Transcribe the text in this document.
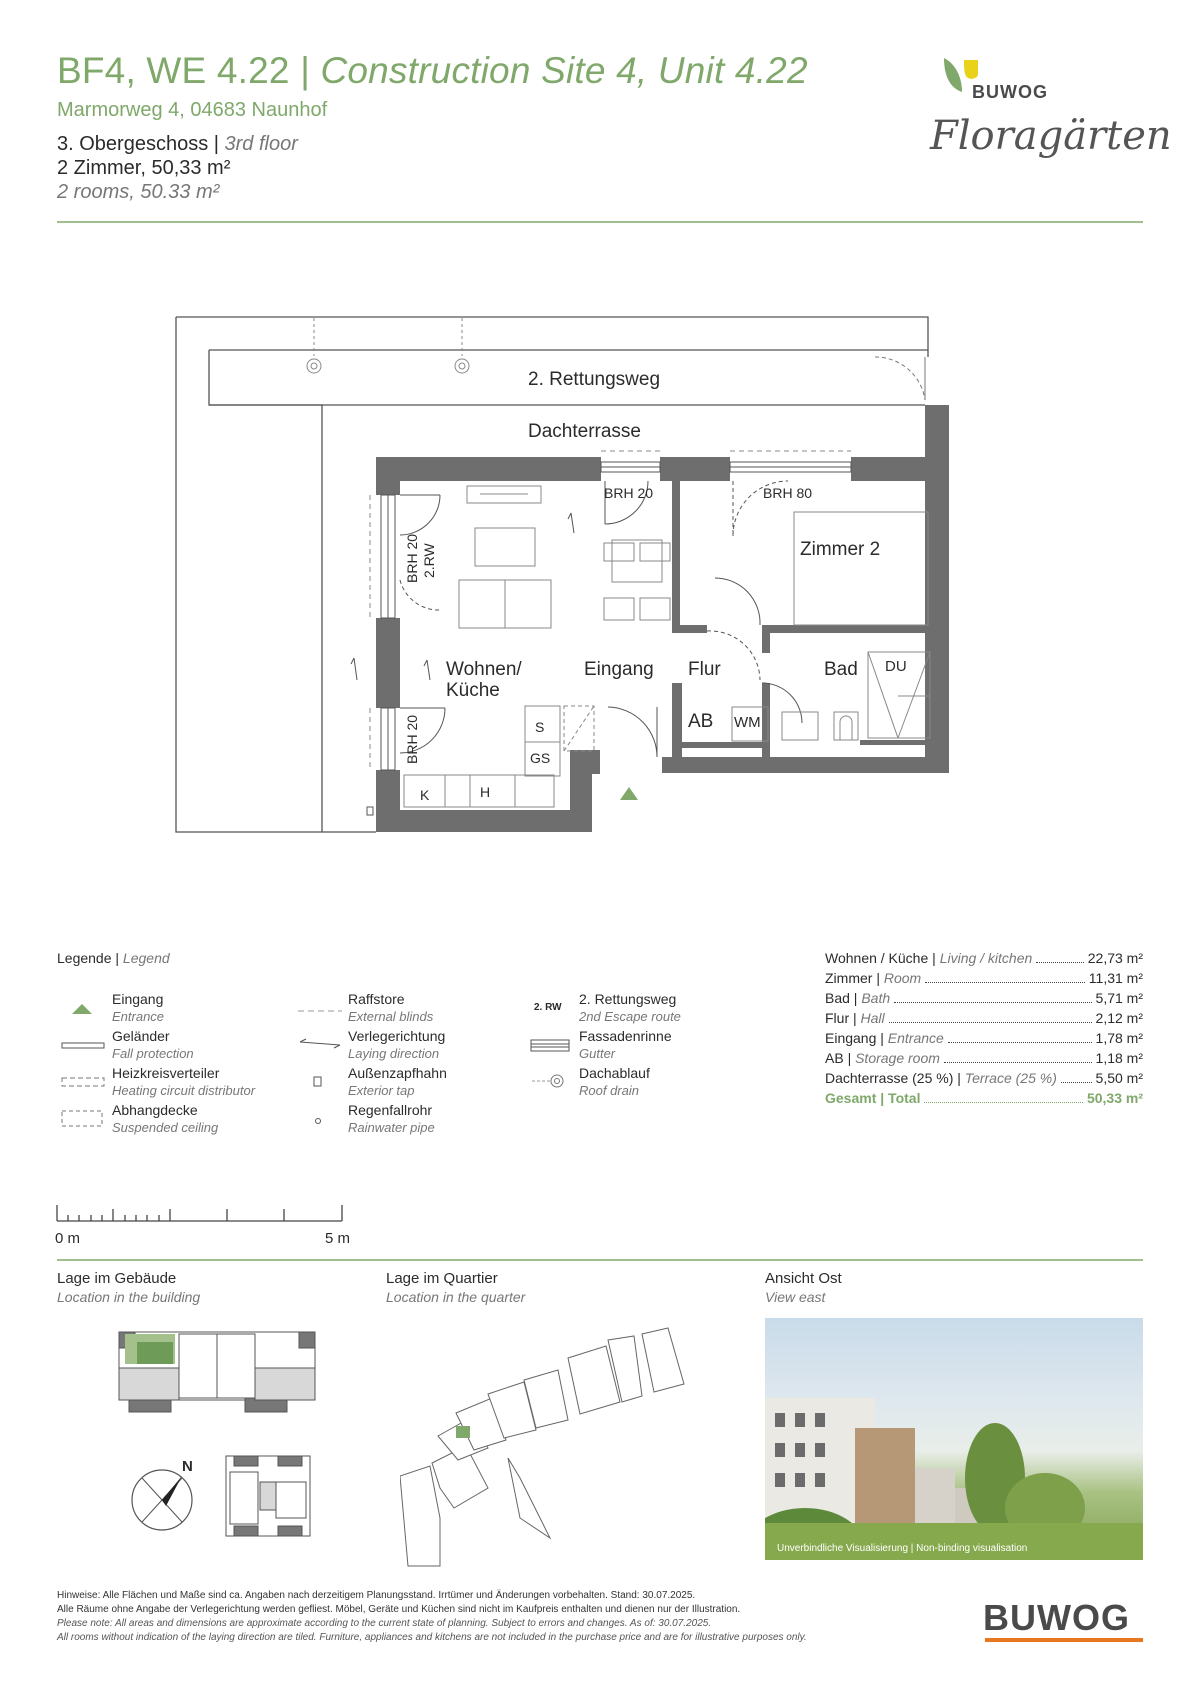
BF4, WE 4.22 | Construction Site 4, Unit 4.22
Marmorweg 4, 04683 Naunhof
3. Obergeschoss | 3rd floor
2 Zimmer, 50,33 m²
2 rooms, 50.33 m²
BUWOG
Floragärten
2. Rettungsweg
Dachterrasse
Wohnen/
Küche
Eingang Flur	Bad
Zimmer 2
AB WM
DU
BRH 20	BRH 80
BRH 20 2.RW
BRH 20	S
GS
K	H
Legende | Legend
Eingang
Entrance
Geländer
Fall protection
Heizkreisverteiler
Heating circuit distributor
Abhangdecke
Suspended ceiling
Raffstore
External blinds
Verlegerichtung
Laying direction
Außenzapfhahn
Exterior tap
Regenfallrohr
Rainwater pipe
2. RW
2. Rettungsweg
2nd Escape route
Fassadenrinne
Gutter
Dachablauf
Roof drain
Wohnen / Küche | Living / kitchen	22,73 m²
Zimmer | Room	11,31 m²
Bad | Bath	5,71 m²
Flur | Hall	2,12 m²
Eingang | Entrance	1,78 m²
AB | Storage room	1,18 m²
Dachterrasse (25 %) | Terrace (25 %)	5,50 m²
Gesamt | Total	50,33 m²
0 m	5 m
Lage im Gebäude
Location in the building
Lage im Quartier
Location in the quarter
Ansicht Ost
View east
N
Unverbindliche Visualisierung | Non-binding visualisation
Hinweise: Alle Flächen und Maße sind ca. Angaben nach derzeitigem Planungsstand. Irrtümer und Änderungen vorbehalten. Stand: 30.07.2025.
Alle Räume ohne Angabe der Verlegerichtung werden gefliest. Möbel, Geräte und Küchen sind nicht im Kaufpreis enthalten und dienen nur der Illustration.
Please note: All areas and dimensions are approximate according to the current state of planning. Subject to errors and changes. As of: 30.07.2025.
All rooms without indication of the laying direction are tiled. Furniture, appliances and kitchens are not included in the purchase price and are for illustrative purposes only.	BUWOG
